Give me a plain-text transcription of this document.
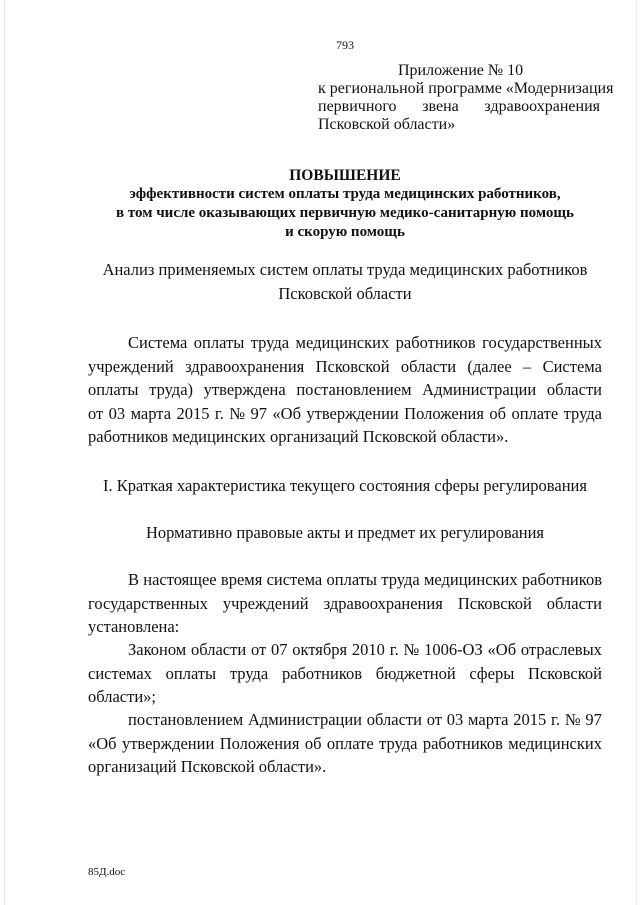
793
Приложение № 10
к региональной программе «Модернизация
первичного звена здравоохранения
Псковской области»
ПОВЫШЕНИЕ
эффективности систем оплаты труда медицинских работников,
в том числе оказывающих первичную медико-санитарную помощь
и скорую помощь
Анализ применяемых систем оплаты труда медицинских работников
Псковской области
Система оплаты труда медицинских работников государственных
учреждений здравоохранения Псковской области (далее – Система
оплаты труда) утверждена постановлением Администрации области
от 03 марта 2015 г. № 97 «Об утверждении Положения об оплате труда
работников медицинских организаций Псковской области».
I. Краткая характеристика текущего состояния сферы регулирования
Нормативно правовые акты и предмет их регулирования
В настоящее время система оплаты труда медицинских работников
государственных учреждений здравоохранения Псковской области
установлена:
Законом области от 07 октября 2010 г. № 1006-ОЗ «Об отраслевых
системах оплаты труда работников бюджетной сферы Псковской
области»;
постановлением Администрации области от 03 марта 2015 г. № 97
«Об утверждении Положения об оплате труда работников медицинских
организаций Псковской области».
85Д.doc
